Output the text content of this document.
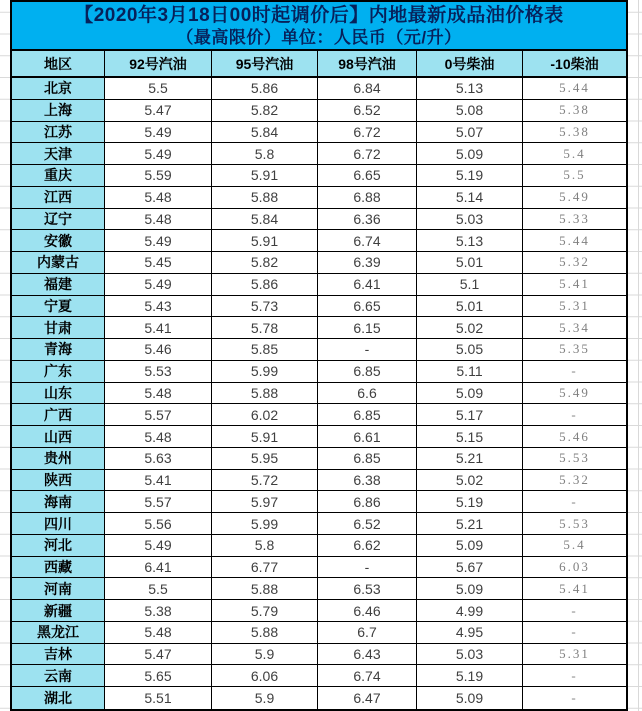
【2020年3月18日00时起调价后】内地最新成品油价格表
（最高限价）单位：人民币（元/升）
地区	92号汽油	95号汽油	98号汽油	0号柴油	-10柴油
北京	5.5	5.86	6.84	5.13	5.44
上海	5.47	5.82	6.52	5.08	5.38
江苏	5.49	5.84	6.72	5.07	5.38
天津	5.49	5.8	6.72	5.09	5.4
重庆	5.59	5.91	6.65	5.19	5.5
江西	5.48	5.88	6.88	5.14	5.49
辽宁	5.48	5.84	6.36	5.03	5.33
安徽	5.49	5.91	6.74	5.13	5.44
内蒙古	5.45	5.82	6.39	5.01	5.32
福建	5.49	5.86	6.41	5.1	5.41
宁夏	5.43	5.73	6.65	5.01	5.31
甘肃	5.41	5.78	6.15	5.02	5.34
青海	5.46	5.85	-	5.05	5.35
广东	5.53	5.99	6.85	5.11	-
山东	5.48	5.88	6.6	5.09	5.49
广西	5.57	6.02	6.85	5.17	-
山西	5.48	5.91	6.61	5.15	5.46
贵州	5.63	5.95	6.85	5.21	5.53
陕西	5.41	5.72	6.38	5.02	5.32
海南	5.57	5.97	6.86	5.19	-
四川	5.56	5.99	6.52	5.21	5.53
河北	5.49	5.8	6.62	5.09	5.4
西藏	6.41	6.77	-	5.67	6.03
河南	5.5	5.88	6.53	5.09	5.41
新疆	5.38	5.79	6.46	4.99	-
黑龙江	5.48	5.88	6.7	4.95	-
吉林	5.47	5.9	6.43	5.03	5.31
云南	5.65	6.06	6.74	5.19	-
湖北	5.51	5.9	6.47	5.09	-
